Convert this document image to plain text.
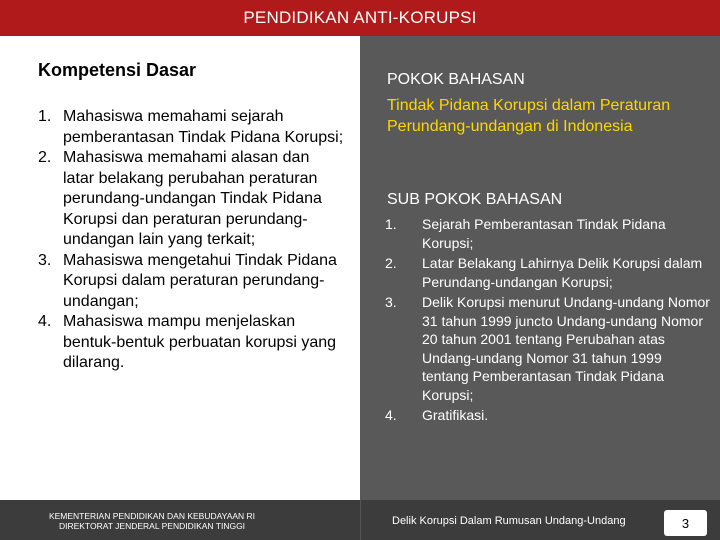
PENDIDIKAN ANTI-KORUPSI
Kompetensi Dasar
1. Mahasiswa memahami sejarah pemberantasan Tindak Pidana Korupsi;
2. Mahasiswa memahami alasan dan latar belakang perubahan peraturan perundang-undangan Tindak Pidana Korupsi dan peraturan perundang-undangan lain yang terkait;
3. Mahasiswa mengetahui Tindak Pidana Korupsi dalam peraturan perundang-undangan;
4. Mahasiswa mampu menjelaskan bentuk-bentuk perbuatan korupsi yang dilarang.
POKOK BAHASAN
Tindak Pidana Korupsi dalam Peraturan Perundang-undangan di Indonesia
SUB POKOK BAHASAN
1. Sejarah Pemberantasan Tindak Pidana Korupsi;
2. Latar Belakang Lahirnya Delik Korupsi dalam Perundang-undangan Korupsi;
3. Delik Korupsi menurut Undang-undang Nomor 31 tahun 1999 juncto Undang-undang Nomor 20 tahun 2001 tentang Perubahan atas Undang-undang Nomor 31 tahun 1999 tentang Pemberantasan Tindak Pidana Korupsi;
4. Gratifikasi.
KEMENTERIAN PENDIDIKAN DAN KEBUDAYAAN RI
DIREKTORAT JENDERAL PENDIDIKAN TINGGI	Delik Korupsi Dalam Rumusan Undang-Undang	3
